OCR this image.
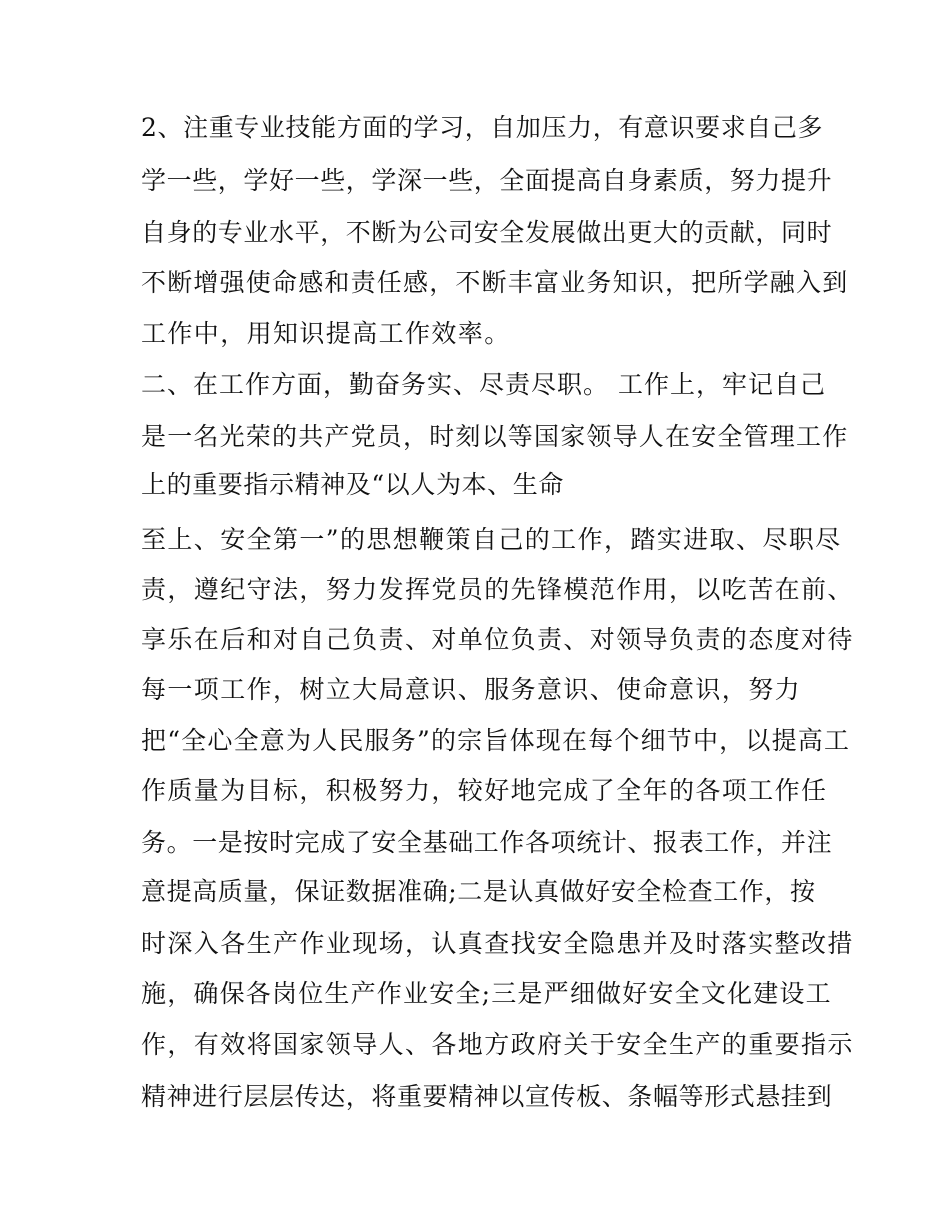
2、注重专业技能方面的学习，自加压力，有意识要求自己多
学一些，学好一些，学深一些，全面提高自身素质，努力提升
自身的专业水平，不断为公司安全发展做出更大的贡献，同时
不断增强使命感和责任感，不断丰富业务知识，把所学融入到
工作中，用知识提高工作效率。
二、在工作方面，勤奋务实、尽责尽职。 工作上，牢记自己
是一名光荣的共产党员，时刻以等国家领导人在安全管理工作
上的重要指示精神及“以人为本、生命
至上、安全第一”的思想鞭策自己的工作，踏实进取、尽职尽
责，遵纪守法，努力发挥党员的先锋模范作用，以吃苦在前、
享乐在后和对自己负责、对单位负责、对领导负责的态度对待
每一项工作，树立大局意识、服务意识、使命意识，努力
把“全心全意为人民服务”的宗旨体现在每个细节中，以提高工
作质量为目标，积极努力，较好地完成了全年的各项工作任
务。一是按时完成了安全基础工作各项统计、报表工作，并注
意提高质量，保证数据准确;二是认真做好安全检查工作，按
时深入各生产作业现场，认真查找安全隐患并及时落实整改措
施，确保各岗位生产作业安全;三是严细做好安全文化建设工
作，有效将国家领导人、各地方政府关于安全生产的重要指示
精神进行层层传达，将重要精神以宣传板、条幅等形式悬挂到
